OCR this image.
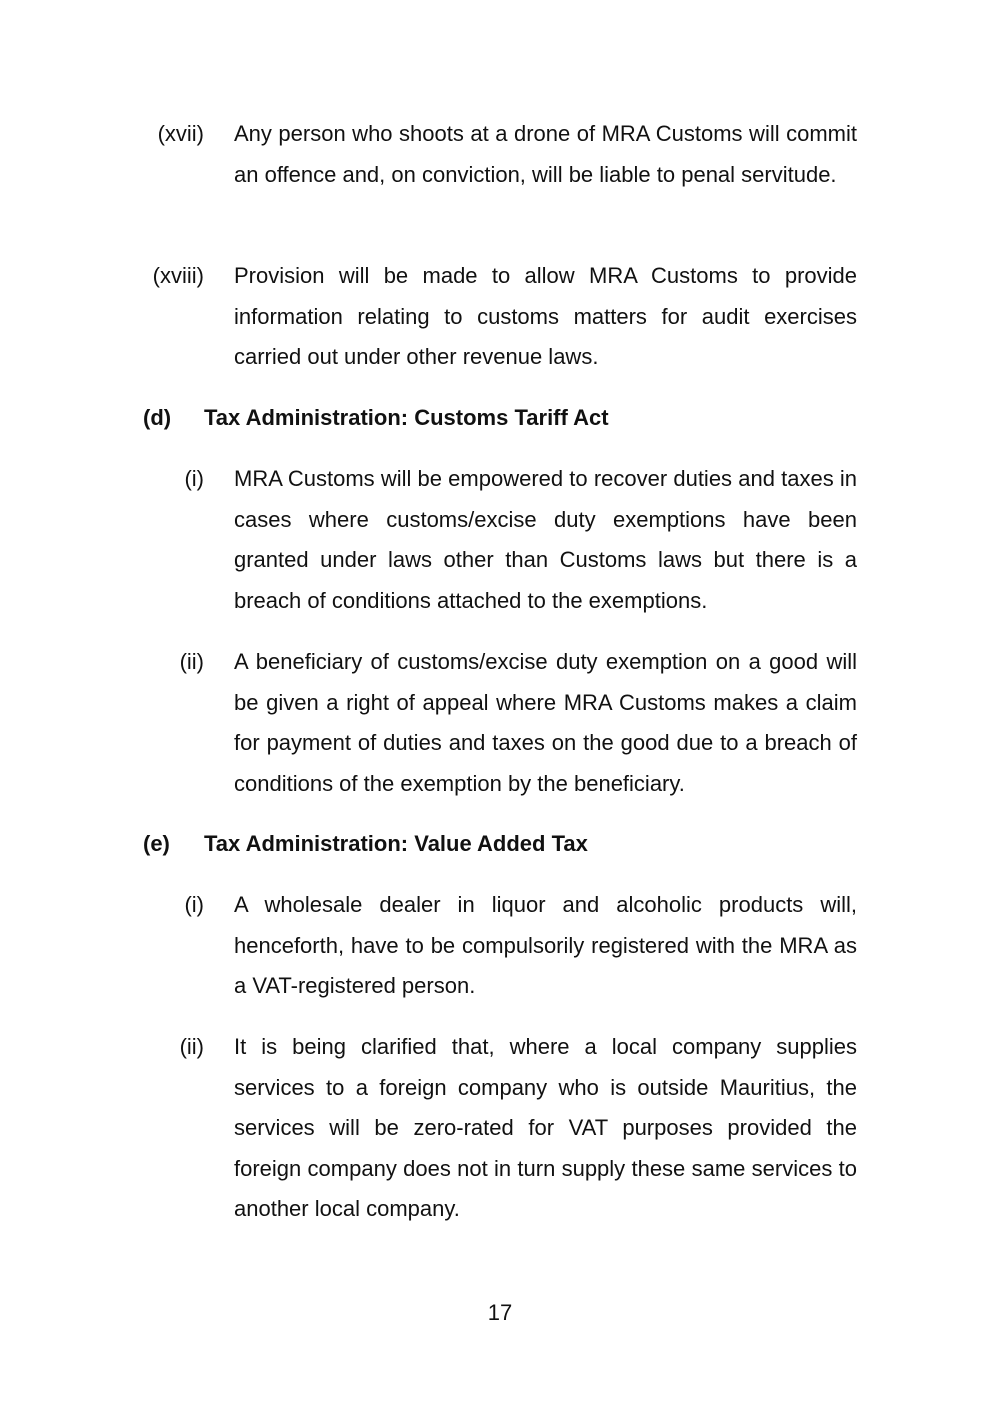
(xvii) Any person who shoots at a drone of MRA Customs will commit an offence and, on conviction, will be liable to penal servitude.
(xviii) Provision will be made to allow MRA Customs to provide information relating to customs matters for audit exercises carried out under other revenue laws.
(d) Tax Administration: Customs Tariff Act
(i) MRA Customs will be empowered to recover duties and taxes in cases where customs/excise duty exemptions have been granted under laws other than Customs laws but there is a breach of conditions attached to the exemptions.
(ii) A beneficiary of customs/excise duty exemption on a good will be given a right of appeal where MRA Customs makes a claim for payment of duties and taxes on the good due to a breach of conditions of the exemption by the beneficiary.
(e) Tax Administration: Value Added Tax
(i) A wholesale dealer in liquor and alcoholic products will, henceforth, have to be compulsorily registered with the MRA as a VAT-registered person.
(ii) It is being clarified that, where a local company supplies services to a foreign company who is outside Mauritius, the services will be zero-rated for VAT purposes provided the foreign company does not in turn supply these same services to another local company.
17
